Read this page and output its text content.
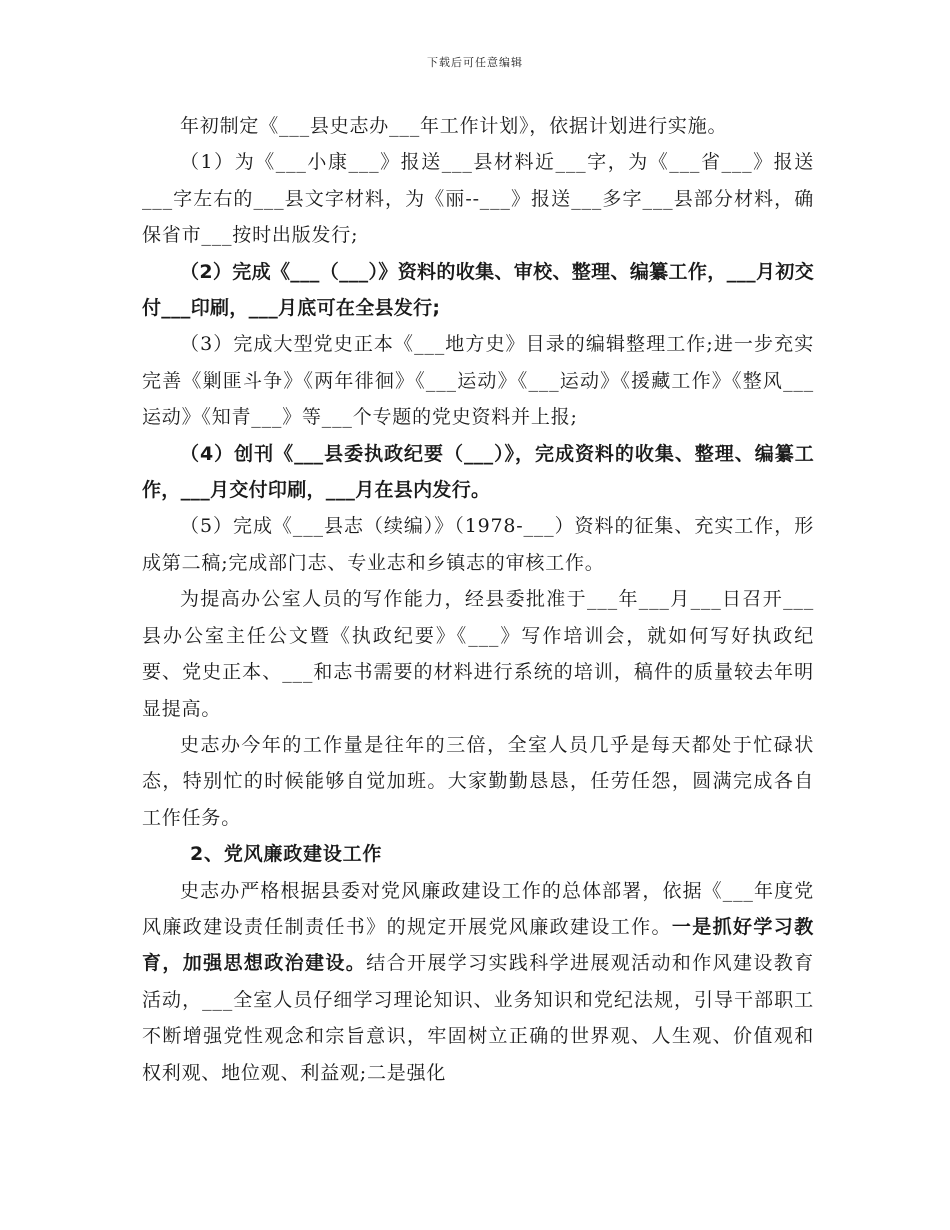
下载后可任意编辑

年初制定《___县史志办___年工作计划》，依据计划进行实施。

（1）为《___小康___》报送___县材料近___字，为《___省___》报送___字左右的___县文字材料，为《丽--___》报送___多字___县部分材料，确保省市___按时出版发行;

（2）完成《___（___）》资料的收集、审校、整理、编纂工作，___月初交付___印刷，___月底可在全县发行;

（3）完成大型党史正本《___地方史》目录的编辑整理工作;进一步充实完善《剿匪斗争》《两年徘徊》《___运动》《___运动》《援藏工作》《整风___运动》《知青___》等___个专题的党史资料并上报;

（4）创刊《___县委执政纪要（___）》，完成资料的收集、整理、编纂工作，___月交付印刷，___月在县内发行。

（5）完成《___县志（续编）》（1978-___）资料的征集、充实工作，形成第二稿;完成部门志、专业志和乡镇志的审核工作。

为提高办公室人员的写作能力，经县委批准于___年___月___日召开___县办公室主任公文暨《执政纪要》《___》写作培训会，就如何写好执政纪要、党史正本、___和志书需要的材料进行系统的培训，稿件的质量较去年明显提高。

史志办今年的工作量是往年的三倍，全室人员几乎是每天都处于忙碌状态，特别忙的时候能够自觉加班。大家勤勤恳恳，任劳任怨，圆满完成各自工作任务。

2、党风廉政建设工作

史志办严格根据县委对党风廉政建设工作的总体部署，依据《___年度党风廉政建设责任制责任书》的规定开展党风廉政建设工作。一是抓好学习教育，加强思想政治建设。结合开展学习实践科学进展观活动和作风建设教育活动，___全室人员仔细学习理论知识、业务知识和党纪法规，引导干部职工不断增强党性观念和宗旨意识，牢固树立正确的世界观、人生观、价值观和权利观、地位观、利益观;二是强化
